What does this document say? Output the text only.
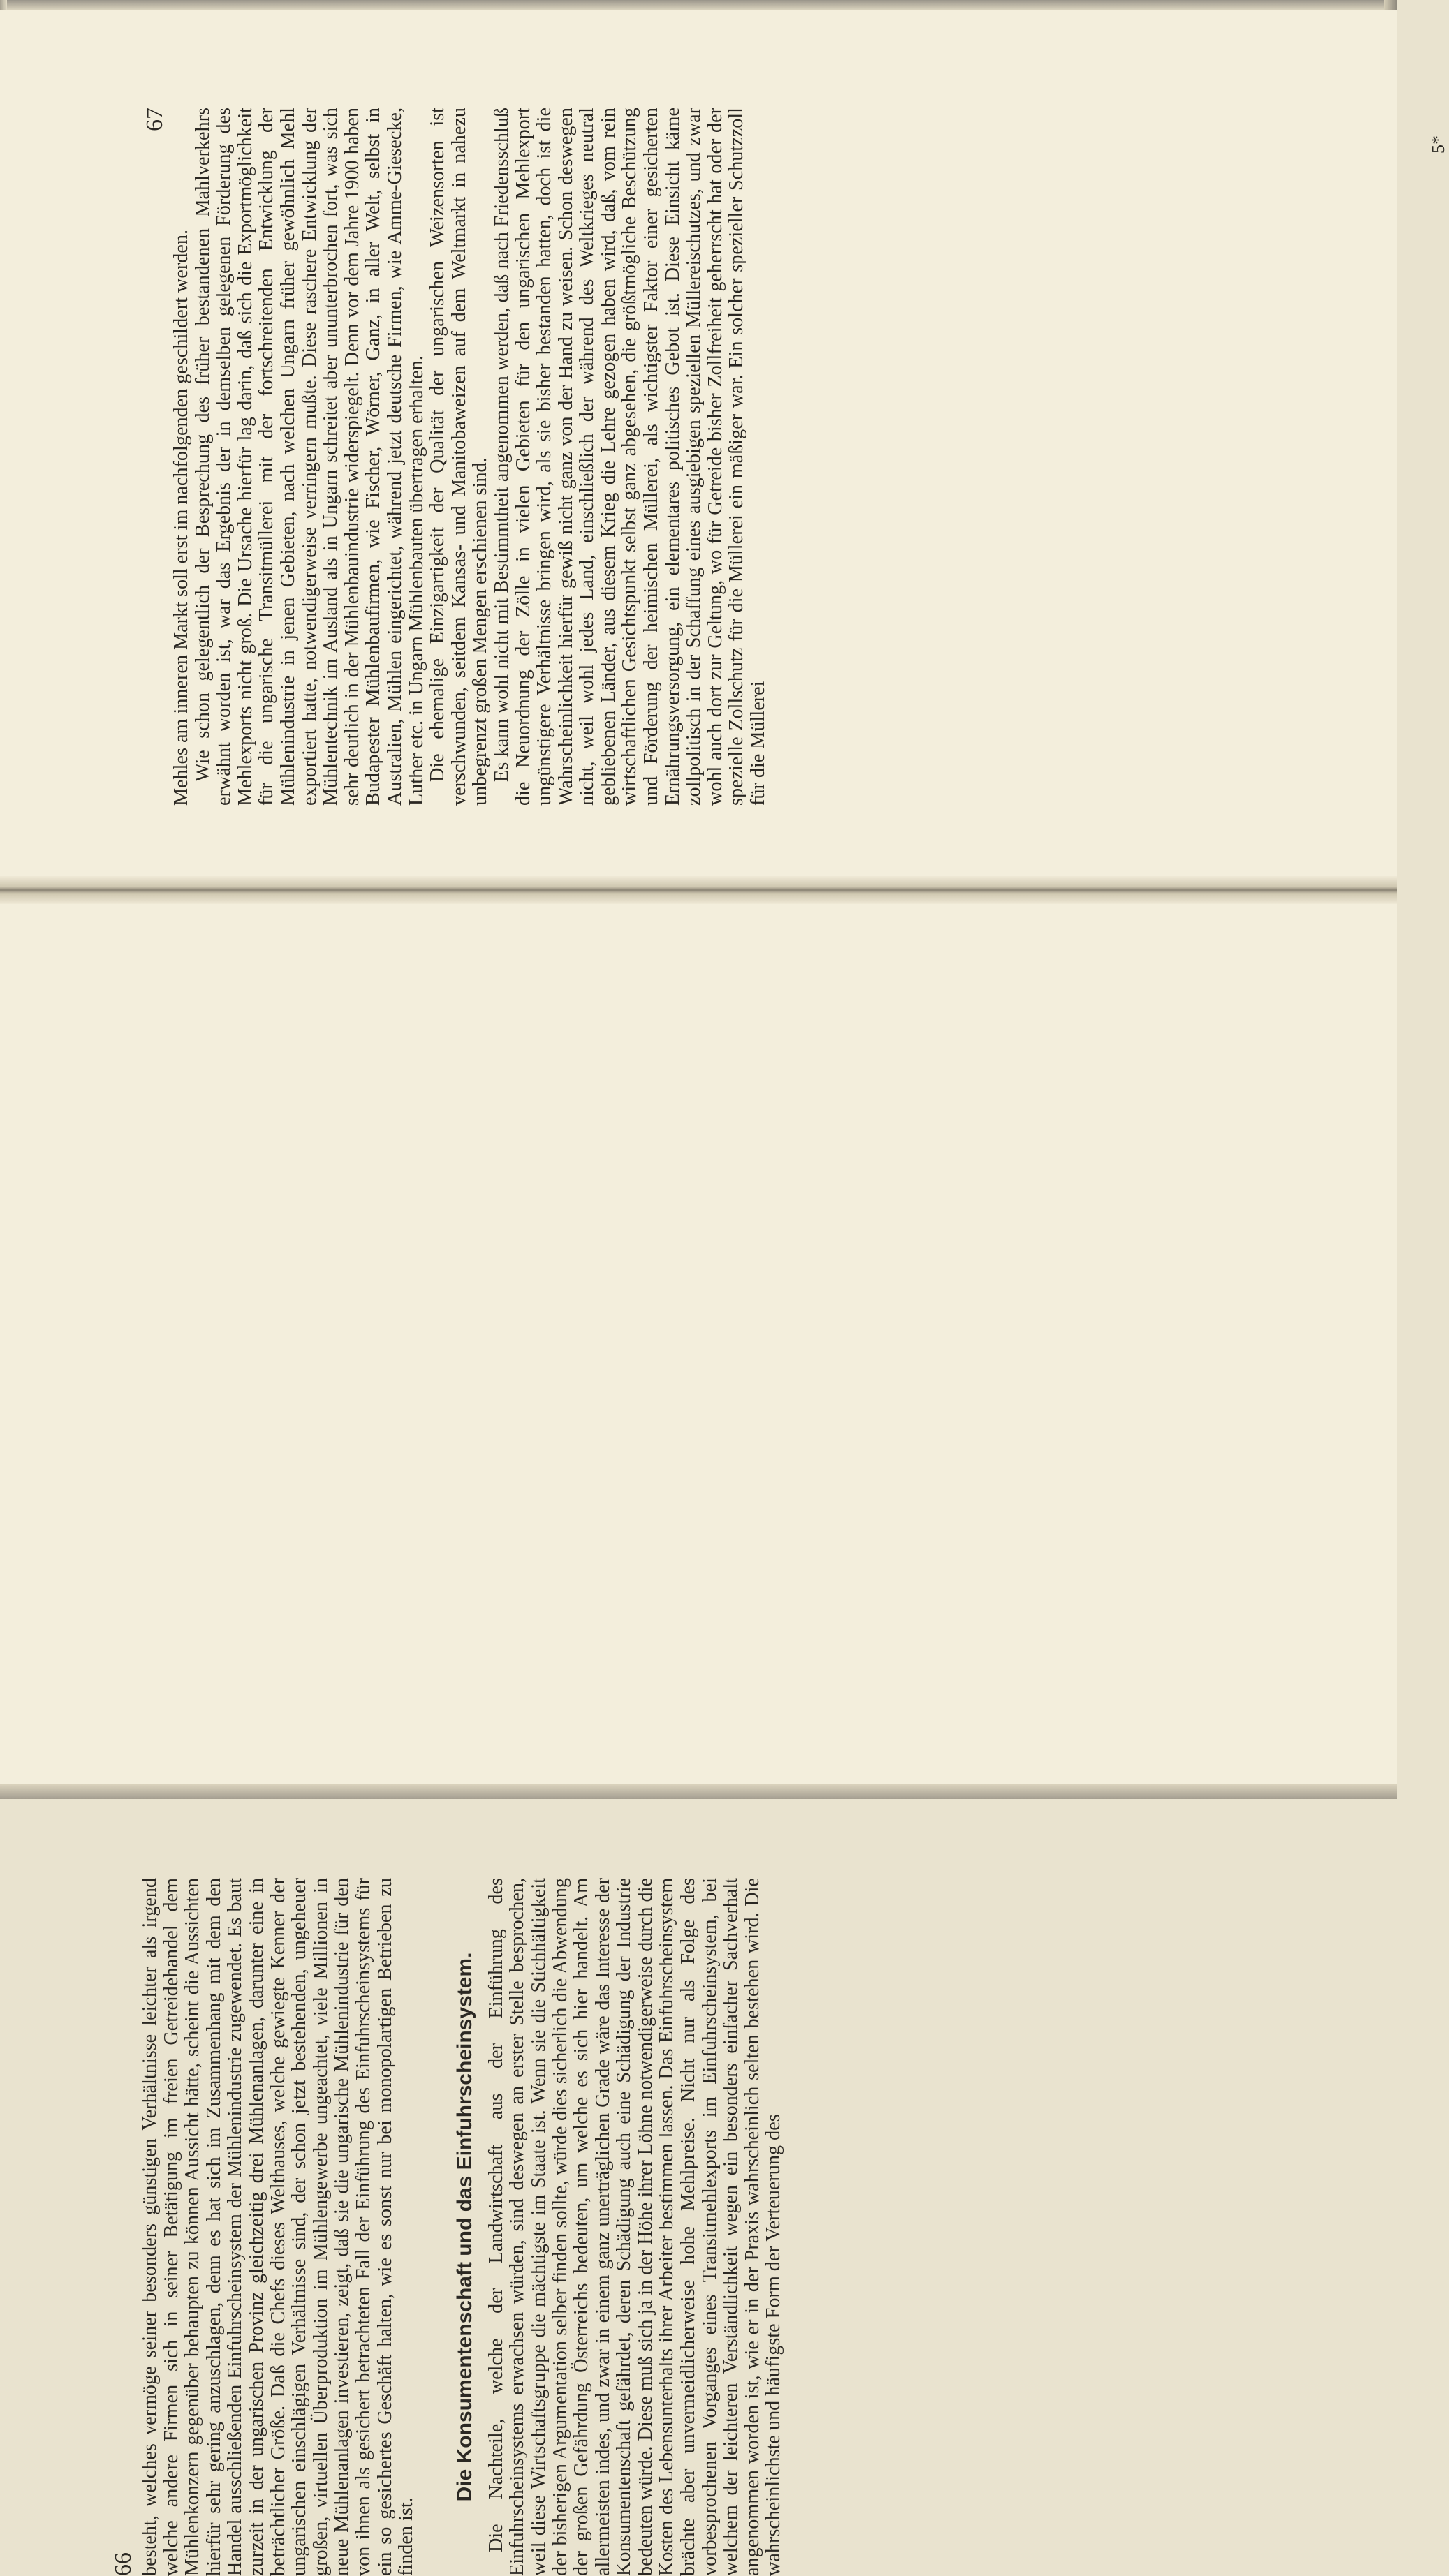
67

Mehles am inneren Markt soll erst im nachfolgenden geschildert werden. Wie schon gelegentlich der Besprechung des früher bestandenen Mahlverkehrs erwähnt worden ist, war das Ergebnis der in demselben gelegenen Förderung des Mehlexports nicht groß. Die Ursache hierfür lag darin, daß sich die Exportmöglichkeit für die ungarische Transitmüllerei mit der fortschreitenden Entwicklung der Mühlenindustrie in jenen Gebieten, nach welchen Ungarn früher gewöhnlich Mehl exportiert hatte, notwendigerweise verringern mußte. Diese raschere Entwicklung der Mühlentechnik im Ausland als in Ungarn schreitet aber ununterbrochen fort, was sich sehr deutlich in der Mühlenbauindustrie widerspiegelt. Denn vor dem Jahre 1900 haben Budapester Mühlenbaufirmen, wie Fischer, Wörner, Ganz, in aller Welt, selbst in Australien, Mühlen eingerichtet, während jetzt deutsche Firmen, wie Amme-Giesecke, Luther etc. in Ungarn Mühlenbauten übertragen erhalten. Die ehemalige Einzigartigkeit der Qualität der ungarischen Weizensorten ist verschwunden, seitdem Kansas- und Manitobaweizen auf dem Weltmarkt in nahezu unbegrenzt großen Mengen erschienen sind. Es kann wohl nicht mit Bestimmtheit angenommen werden, daß nach Friedensschluß die Neuordnung der Zölle in vielen Gebieten für den ungarischen Mehlexport ungünstigere Verhältnisse bringen wird, als sie bisher bestanden hatten, doch ist die Wahrscheinlichkeit hierfür gewiß nicht ganz von der Hand zu weisen. Schon deswegen nicht, weil wohl jedes Land, einschließlich der während des Weltkrieges neutral gebliebenen Länder, aus diesem Krieg die Lehre gezogen haben wird, daß, vom rein wirtschaftlichen Gesichtspunkt selbst ganz abgesehen, die größtmögliche Beschützung und Förderung der heimischen Müllerei, als wichtigster Faktor einer gesicherten Ernährungsversorgung, ein elementares politisches Gebot ist. Diese Einsicht käme zollpolitisch in der Schaffung eines ausgiebigen speziellen Müllereischutzes, und zwar wohl auch dort zur Geltung, wo für Getreide bisher Zollfreiheit geherrscht hat oder der spezielle Zollschutz für die Müllerei ein mäßiger war. Ein solcher spezieller Schutzzoll für die Müllerei

5*
66 besteht, welches vermöge seiner besonders günstigen Verhältnisse leichter als irgend welche andere Firmen sich in seiner Betätigung im freien Getreidehandel dem Mühlenkonzern gegenüber behaupten zu können Aussicht hätte, scheint die Aussichten hierfür sehr gering anzuschlagen, denn es hat sich im Zusammenhang mit dem den Handel ausschließenden Einfuhrscheinsystem der Mühlenindustrie zugewendet. Es baut zurzeit in der ungarischen Provinz gleichzeitig drei Mühlenanlagen, darunter eine in beträchtlicher Größe. Daß die Chefs dieses Welthauses, welche gewiegte Kenner der ungarischen einschlägigen Verhältnisse sind, der schon jetzt bestehenden, ungeheuer großen, virtuellen Überproduktion im Mühlengewerbe ungeachtet, viele Millionen in neue Mühlenanlagen investieren, zeigt, daß sie die ungarische Mühlenindustrie für den von ihnen als gesichert betrachteten Fall der Einführung des Einfuhrscheinsystems für ein so gesichertes Geschäft halten, wie es sonst nur bei monopolartigen Betrieben zu finden ist.

Die Konsumentenschaft und das Einfuhrscheinsystem. Die Nachteile, welche der Landwirtschaft aus der Einführung des Einfuhrscheinsystems erwachsen würden, sind deswegen an erster Stelle besprochen, weil diese Wirtschaftsgruppe die mächtigste im Staate ist. Wenn sie die Stichhältigkeit der bisherigen Argumentation selber finden sollte, würde dies sicherlich die Abwendung der großen Gefährdung Österreichs bedeuten, um welche es sich hier handelt. Am allermeisten indes, und zwar in einem ganz unerträglichen Grade wäre das Interesse der Konsumentenschaft gefährdet, deren Schädigung auch eine Schädigung der Industrie bedeuten würde. Diese muß sich ja in der Höhe ihrer Löhne notwendigerweise durch die Kosten des Lebensunterhalts ihrer Arbeiter bestimmen lassen. Das Einfuhrscheinsystem brächte aber unvermeidlicherweise hohe Mehlpreise. Nicht nur als Folge des vorbesprochenen Vorganges eines Transitmehlexports im Einfuhrscheinsystem, bei welchem der leichteren Verständlichkeit wegen ein besonders einfacher Sachverhalt angenommen worden ist, wie er in der Praxis wahrscheinlich selten bestehen wird. Die wahrscheinlichste und häufigste Form der Verteuerung des
